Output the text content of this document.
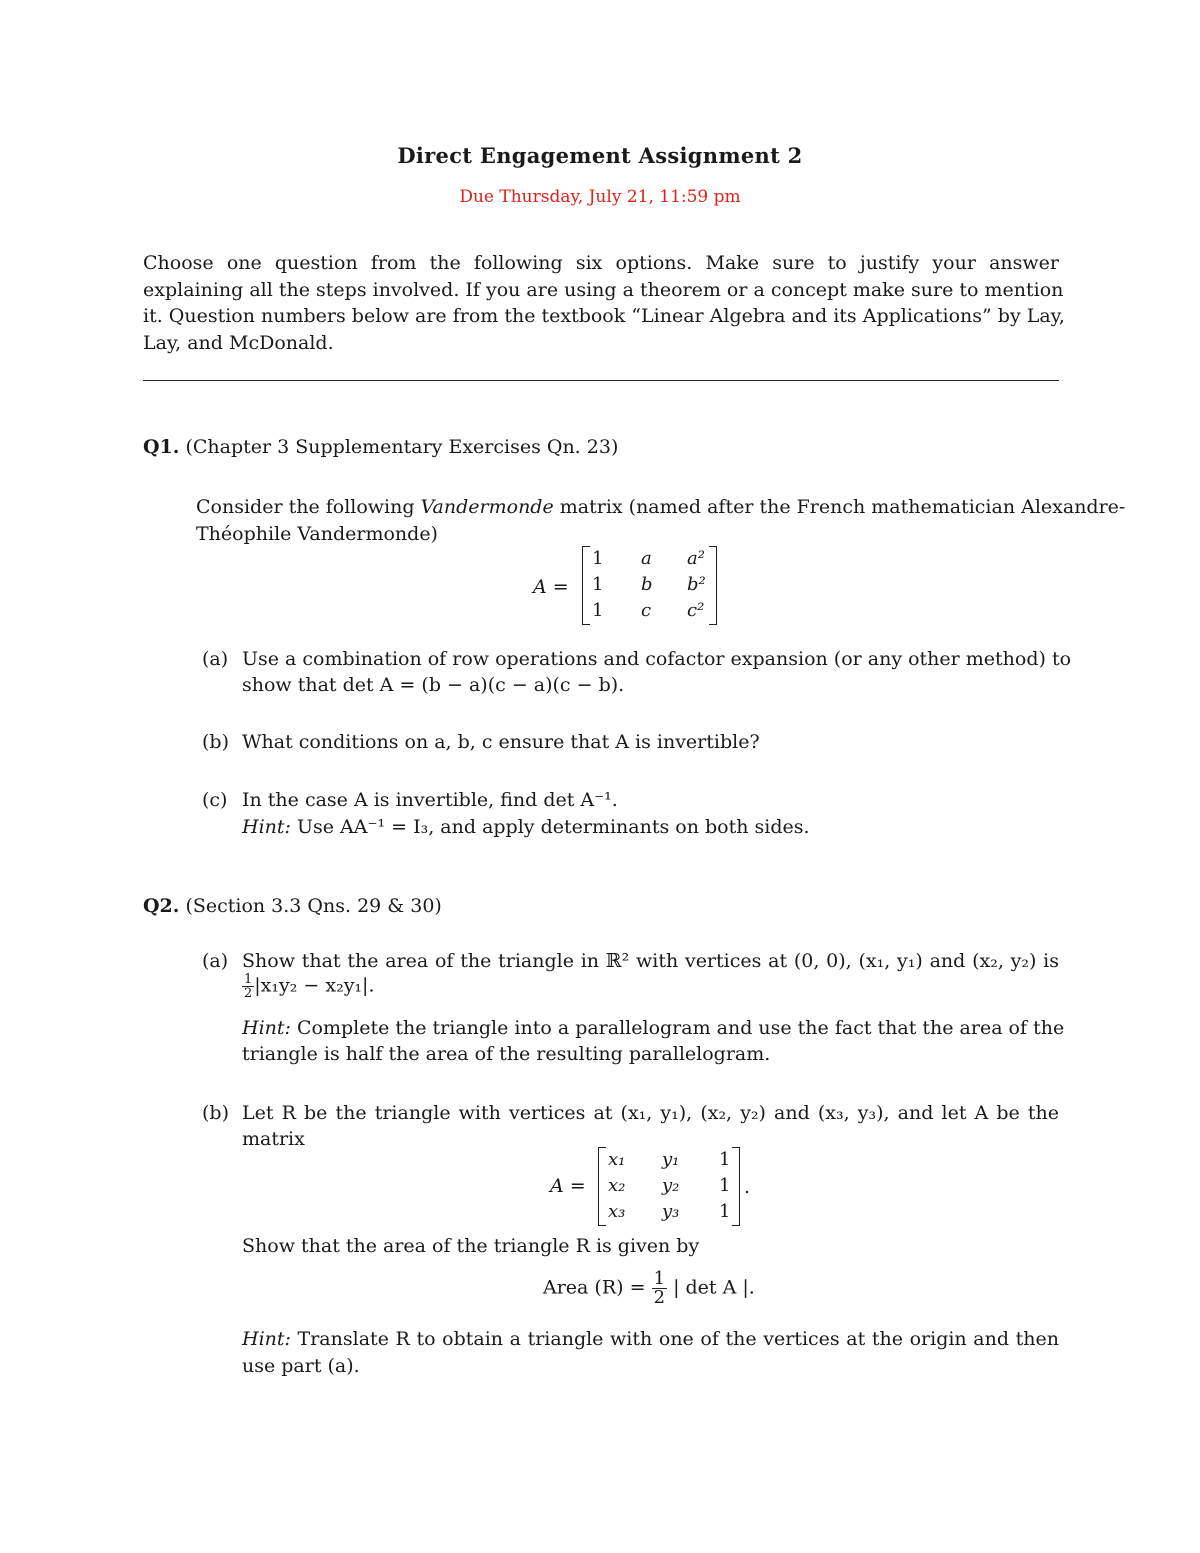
Direct Engagement Assignment 2
Due Thursday, July 21, 11:59 pm
Choose one question from the following six options. Make sure to justify your answer
explaining all the steps involved. If you are using a theorem or a concept make sure to mention
it. Question numbers below are from the textbook “Linear Algebra and its Applications” by Lay,
Lay, and McDonald.
Q1. (Chapter 3 Supplementary Exercises Qn. 23)
Consider the following Vandermonde matrix (named after the French mathematician Alexandre-
Théophile Vandermonde)
A =
1 a a²
1 b b²
1 c c²
(a) Use a combination of row operations and cofactor expansion (or any other method) to
show that det A = (b − a)(c − a)(c − b).
(b) What conditions on a, b, c ensure that A is invertible?
(c) In the case A is invertible, find det A⁻¹.
Hint: Use AA⁻¹ = I₃, and apply determinants on both sides.
Q2. (Section 3.3 Qns. 29 & 30)
(a) Show that the area of the triangle in ℝ² with vertices at (0, 0), (x₁, y₁) and (x₂, y₂) is
$\frac{1}{2} |x_1y_2 - x_2y_1|$.
Hint: Complete the triangle into a parallelogram and use the fact that the area of the
triangle is half the area of the resulting parallelogram.
(b) Let R be the triangle with vertices at (x₁, y₁), (x₂, y₂) and (x₃, y₃), and let A be the
matrix
A =
x₁ y₁ 1
x₂ y₂ 1
x₃ y₃ 1
.
Show that the area of the triangle R is given by
Area $(R) = \frac{1}{2}$ | det A |.
Hint: Translate R to obtain a triangle with one of the vertices at the origin and then
use part (a).
